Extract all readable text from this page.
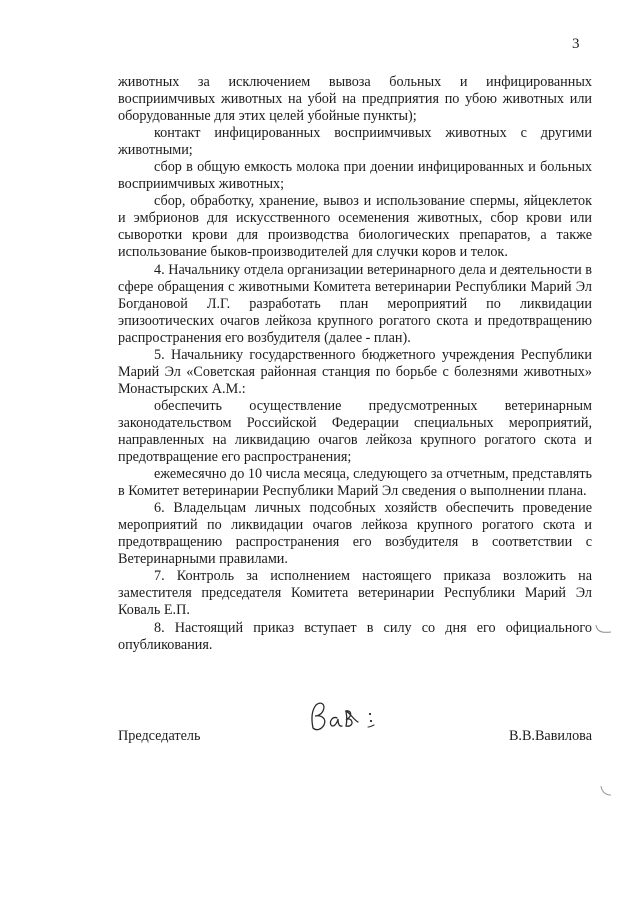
3

животных за исключением вывоза больных и инфицированных восприимчивых животных на убой на предприятия по убою животных или оборудованные для этих целей убойные пункты);

контакт инфицированных восприимчивых животных с другими животными;

сбор в общую емкость молока при доении инфицированных и больных восприимчивых животных;

сбор, обработку, хранение, вывоз и использование спермы, яйцеклеток и эмбрионов для искусственного осеменения животных, сбор крови или сыворотки крови для производства биологических препаратов, а также использование быков-производителей для случки коров и телок.

4. Начальнику отдела организации ветеринарного дела и деятельности в сфере обращения с животными Комитета ветеринарии Республики Марий Эл Богдановой Л.Г. разработать план мероприятий по ликвидации эпизоотических очагов лейкоза крупного рогатого скота и предотвращению распространения его возбудителя (далее - план).

5. Начальнику государственного бюджетного учреждения Республики Марий Эл «Советская районная станция по борьбе с болезнями животных» Монастырских А.М.:

обеспечить осуществление предусмотренных ветеринарным законодательством Российской Федерации специальных мероприятий, направленных на ликвидацию очагов лейкоза крупного рогатого скота и предотвращение его распространения;

ежемесячно до 10 числа месяца, следующего за отчетным, представлять в Комитет ветеринарии Республики Марий Эл сведения о выполнении плана.

6. Владельцам личных подсобных хозяйств обеспечить проведение мероприятий по ликвидации очагов лейкоза крупного рогатого скота и предотвращению распространения его возбудителя в соответствии с Ветеринарными правилами.

7. Контроль за исполнением настоящего приказа возложить на заместителя председателя Комитета ветеринарии Республики Марий Эл Коваль Е.П.

8. Настоящий приказ вступает в силу со дня его официального опубликования.

Председатель	В.В.Вавилова
